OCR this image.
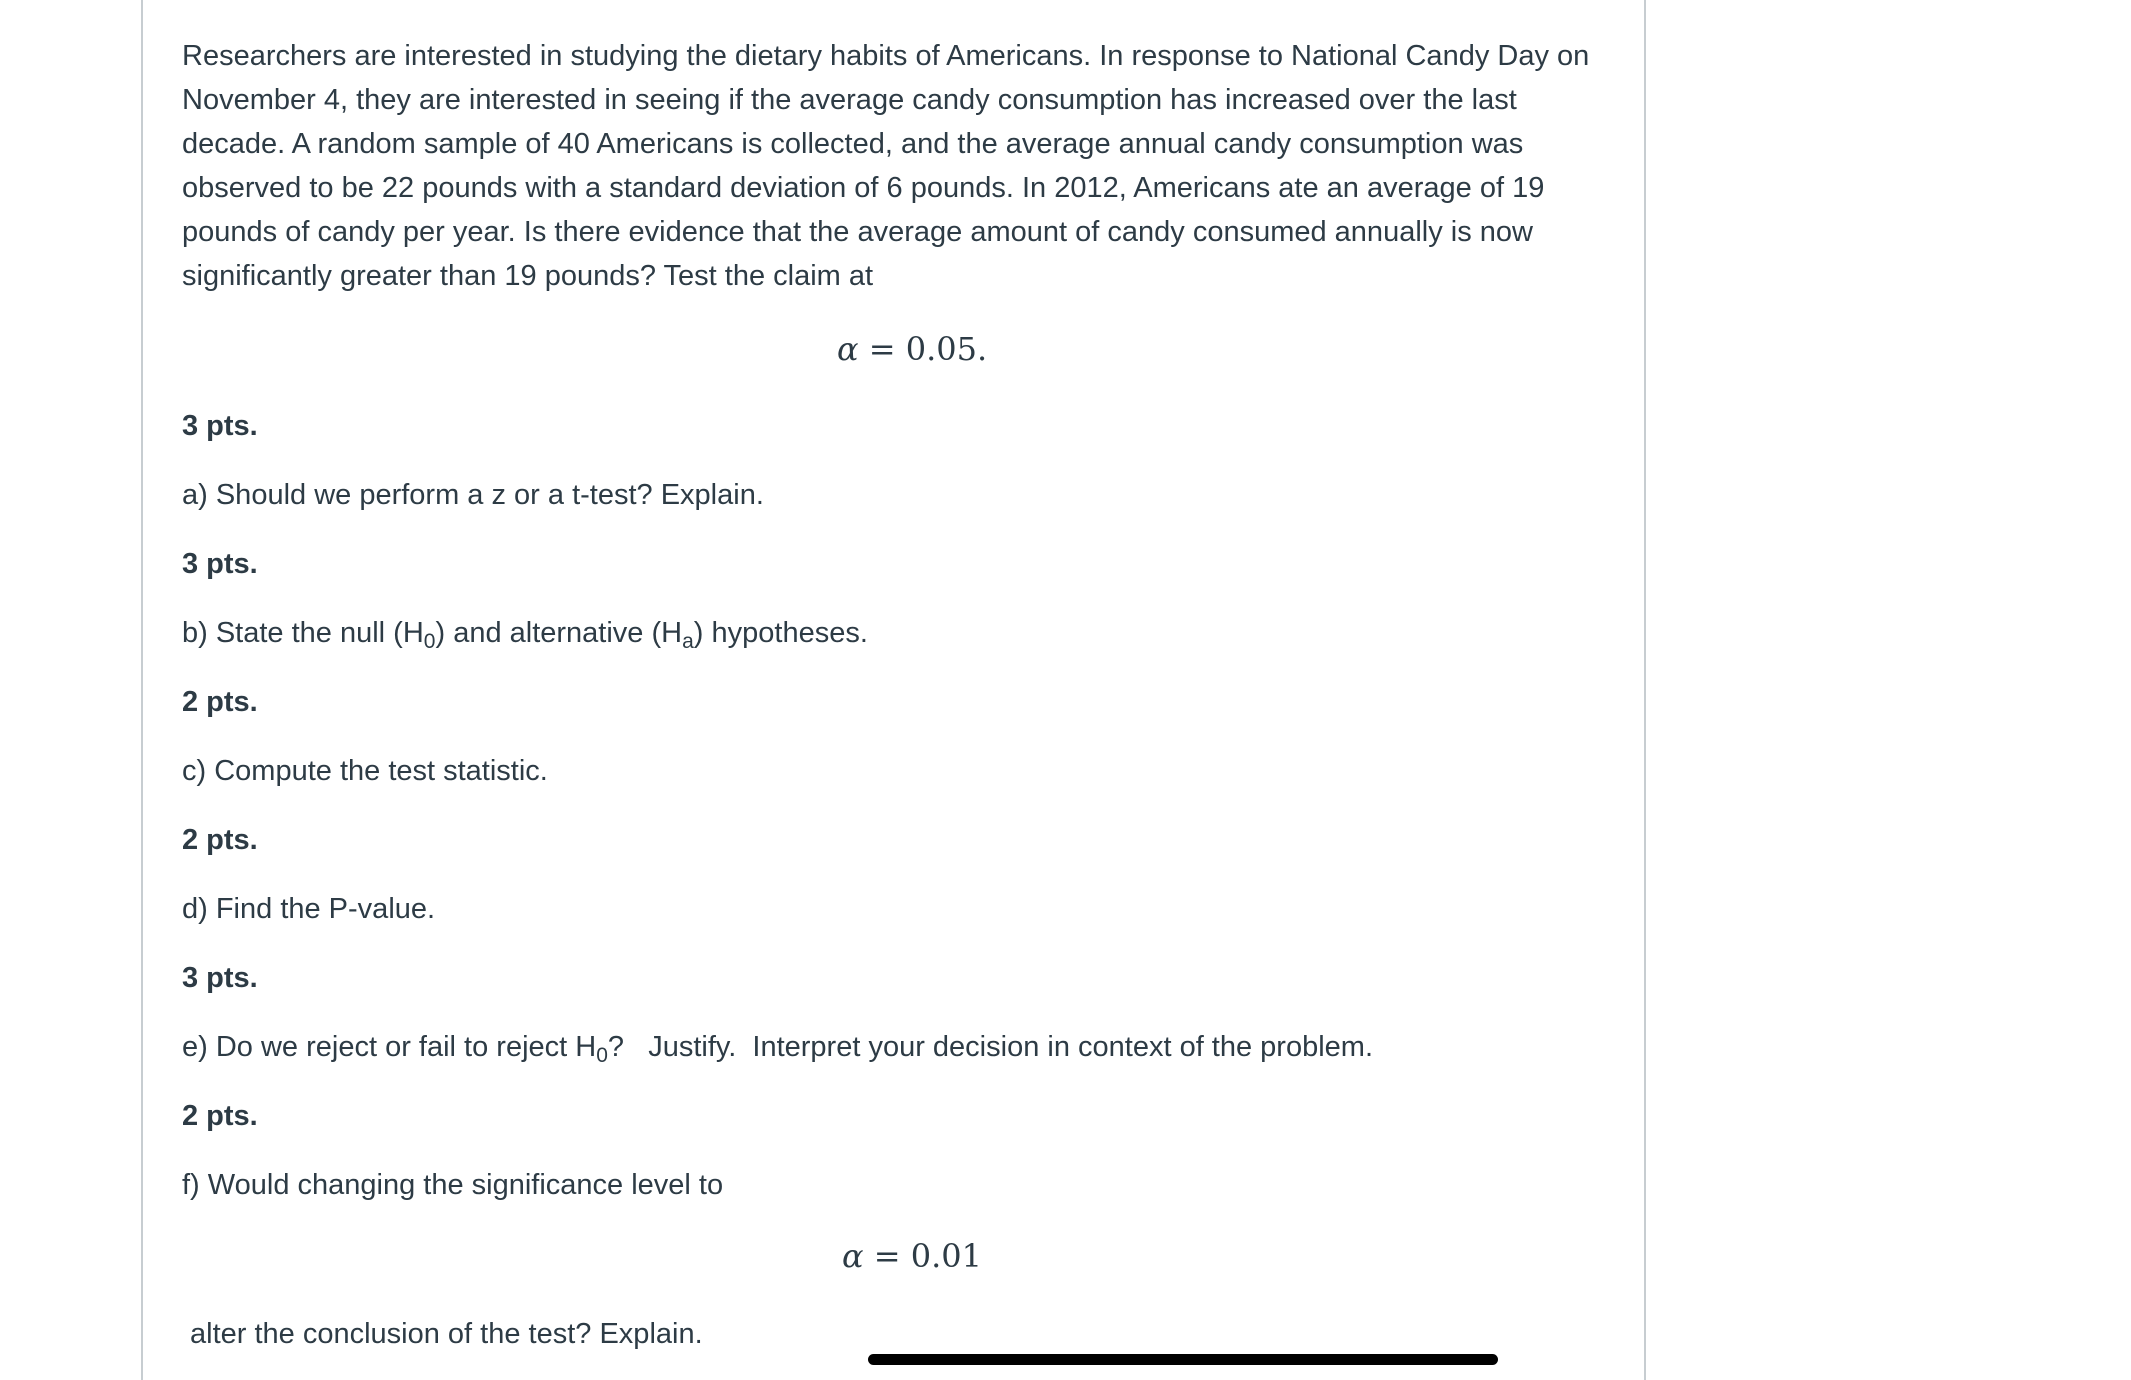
Researchers are interested in studying the dietary habits of Americans. In response to National Candy Day on November 4, they are interested in seeing if the average candy consumption has increased over the last decade. A random sample of 40 Americans is collected, and the average annual candy consumption was observed to be 22 pounds with a standard deviation of 6 pounds. In 2012, Americans ate an average of 19 pounds of candy per year. Is there evidence that the average amount of candy consumed annually is now significantly greater than 19 pounds? Test the claim at

α = 0.05.

3 pts.

a) Should we perform a z or a t-test? Explain.

3 pts.

b) State the null $(H_0)$ and alternative $(H_a)$ hypotheses.

2 pts.

c) Compute the test statistic.

2 pts.

d) Find the P-value.

3 pts.

e) Do we reject or fail to reject $H_0$?   Justify.  Interpret your decision in context of the problem.

2 pts.

f) Would changing the significance level to

α = 0.01

alter the conclusion of the test? Explain.
